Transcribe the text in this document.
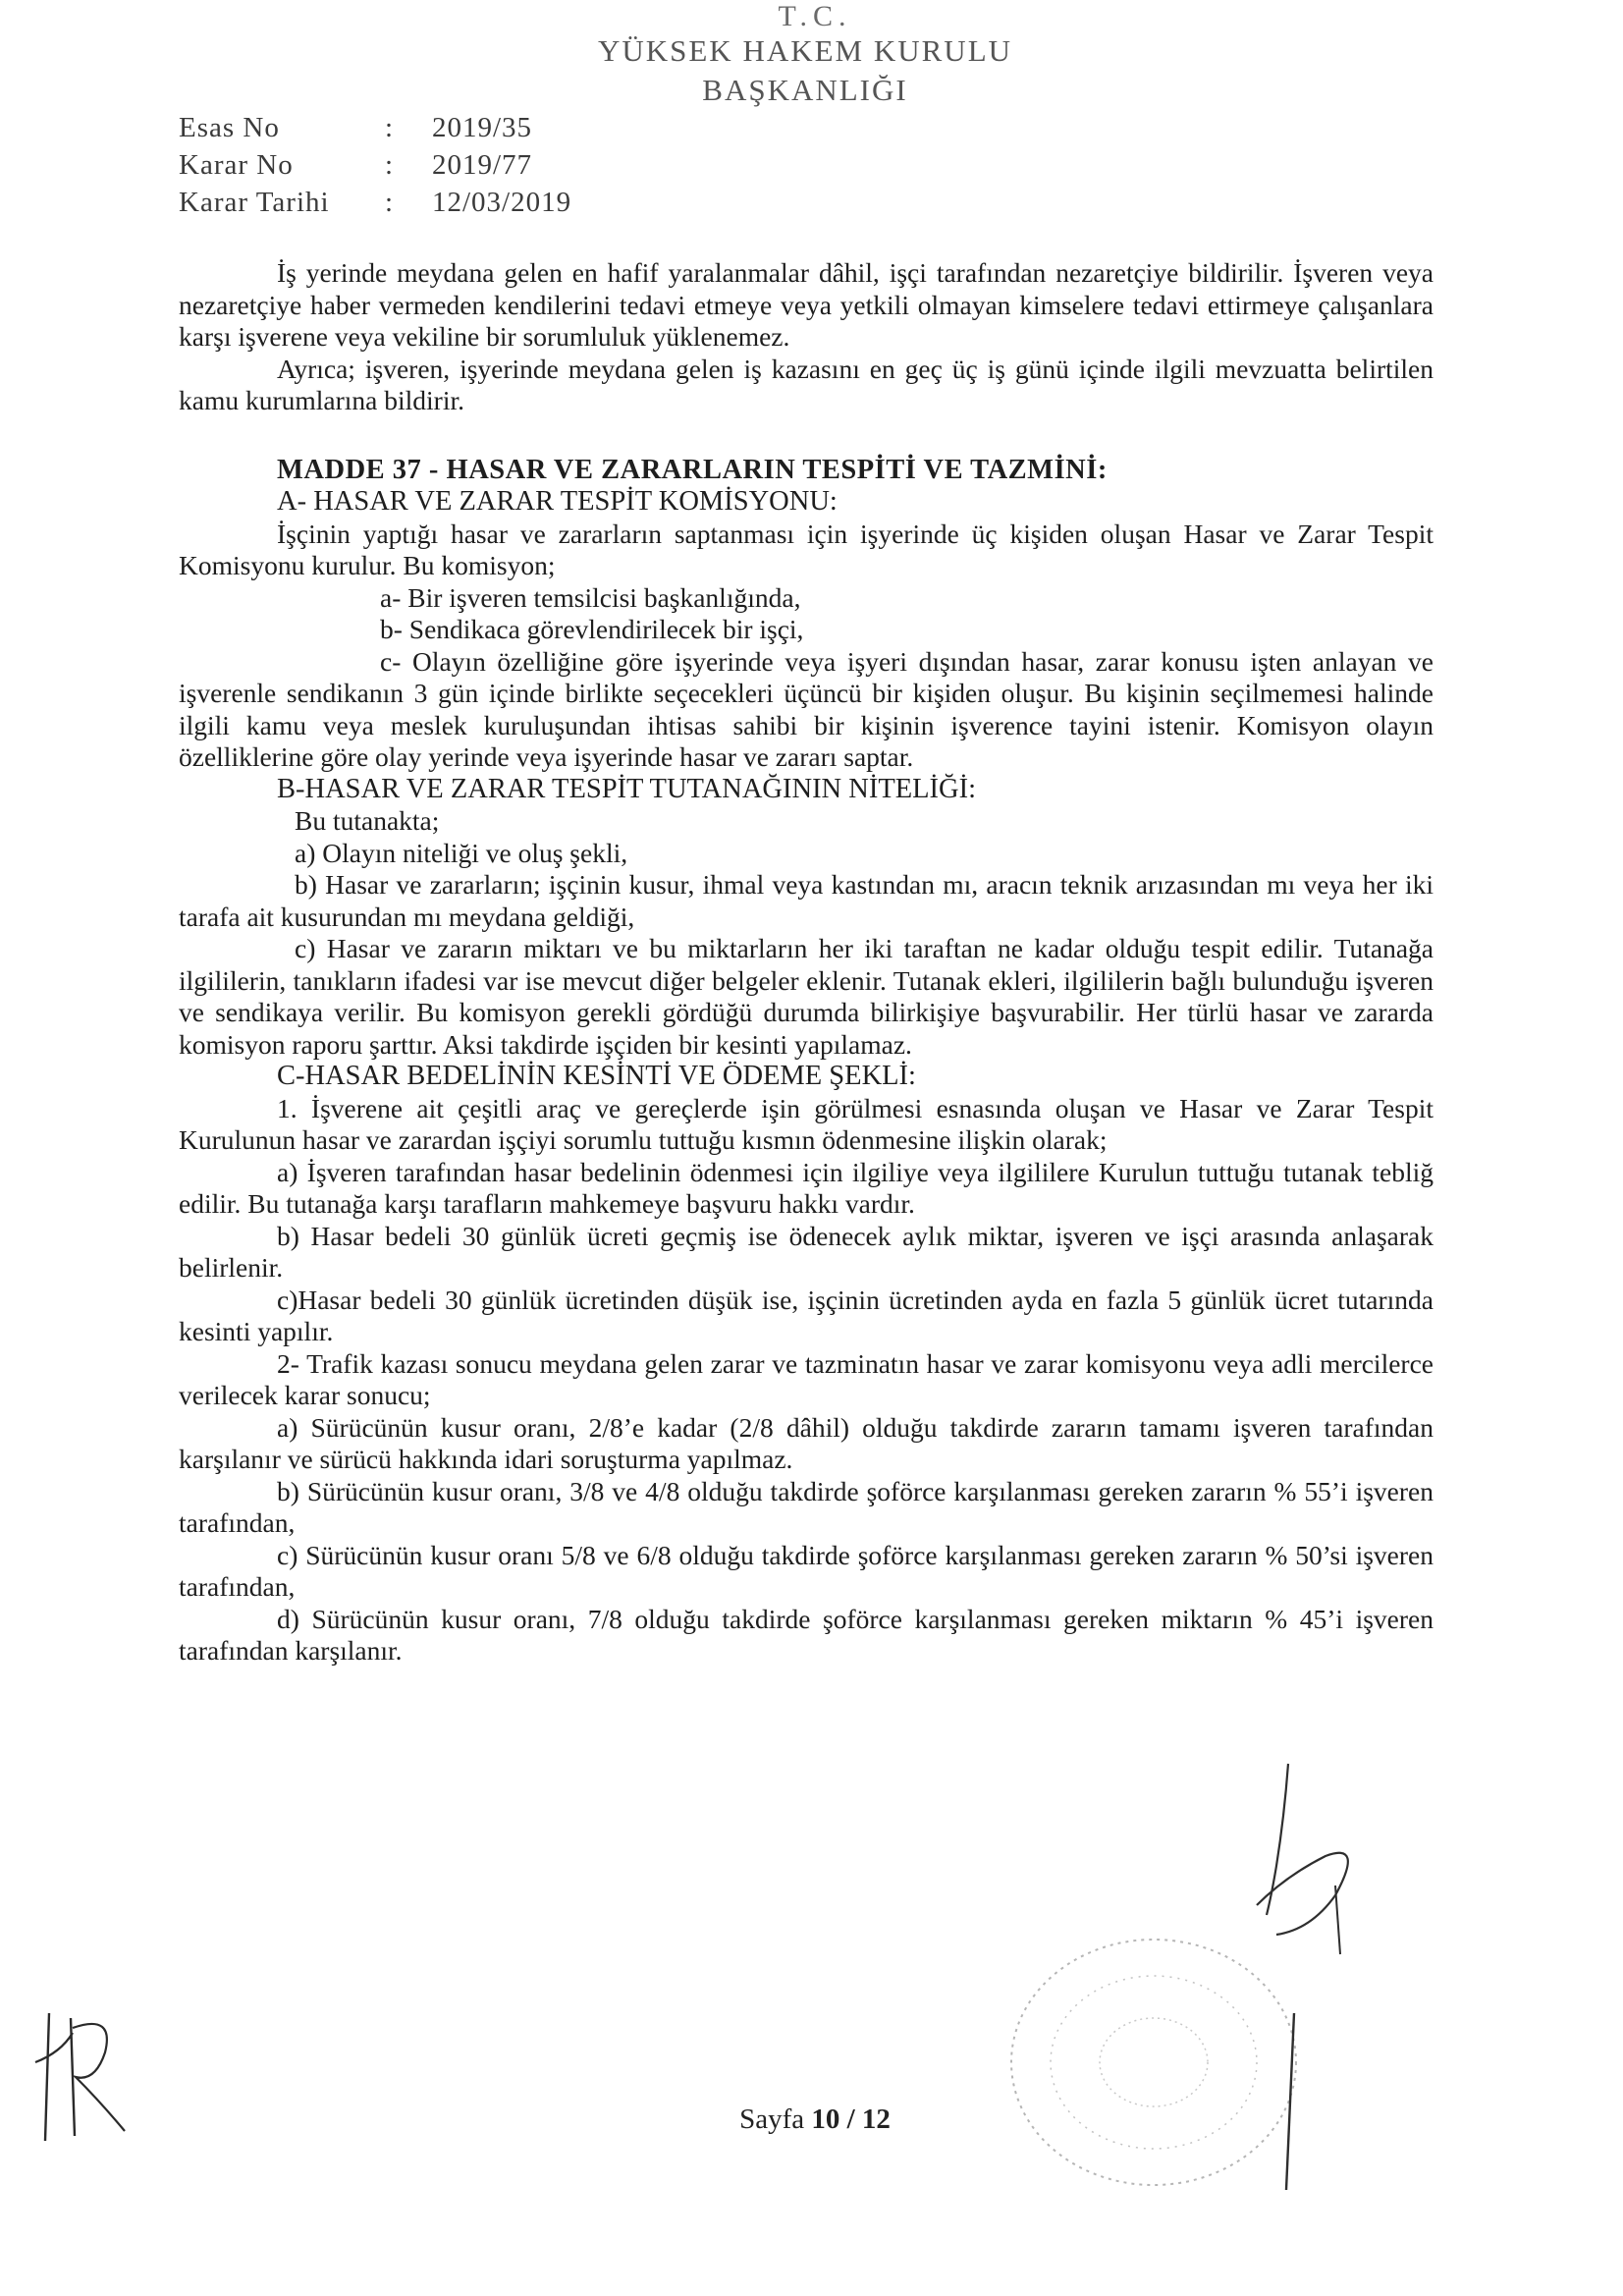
T.C.
YÜKSEK HAKEM KURULU
BAŞKANLIĞI
Esas No	: 2019/35
Karar No	: 2019/77
Karar Tarihi : 12/03/2019

İş yerinde meydana gelen en hafif yaralanmalar dâhil, işçi tarafından nezaretçiye bildirilir. İşveren veya nezaretçiye haber vermeden kendilerini tedavi etmeye veya yetkili olmayan kimselere tedavi ettirmeye çalışanlara karşı işverene veya vekiline bir sorumluluk yüklenemez.

Ayrıca; işveren, işyerinde meydana gelen iş kazasını en geç üç iş günü içinde ilgili mevzuatta belirtilen kamu kurumlarına bildirir.

MADDE 37 - HASAR VE ZARARLARIN TESPİTİ VE TAZMİNİ:

A- HASAR VE ZARAR TESPİT KOMİSYONU:

İşçinin yaptığı hasar ve zararların saptanması için işyerinde üç kişiden oluşan Hasar ve Zarar Tespit Komisyonu kurulur. Bu komisyon;

a- Bir işveren temsilcisi başkanlığında,

b- Sendikaca görevlendirilecek bir işçi,

c- Olayın özelliğine göre işyerinde veya işyeri dışından hasar, zarar konusu işten anlayan ve işverenle sendikanın 3 gün içinde birlikte seçecekleri üçüncü bir kişiden oluşur. Bu kişinin seçilmemesi halinde ilgili kamu veya meslek kuruluşundan ihtisas sahibi bir kişinin işverence tayini istenir. Komisyon olayın özelliklerine göre olay yerinde veya işyerinde hasar ve zararı saptar.

B-HASAR VE ZARAR TESPİT TUTANAĞININ NİTELİĞİ:

Bu tutanakta;

a) Olayın niteliği ve oluş şekli,

b) Hasar ve zararların; işçinin kusur, ihmal veya kastından mı, aracın teknik arızasından mı veya her iki tarafa ait kusurundan mı meydana geldiği,

c) Hasar ve zararın miktarı ve bu miktarların her iki taraftan ne kadar olduğu tespit edilir. Tutanağa ilgililerin, tanıkların ifadesi var ise mevcut diğer belgeler eklenir. Tutanak ekleri, ilgililerin bağlı bulunduğu işveren ve sendikaya verilir. Bu komisyon gerekli gördüğü durumda bilirkişiye başvurabilir. Her türlü hasar ve zararda komisyon raporu şarttır. Aksi takdirde işçiden bir kesinti yapılamaz.

C-HASAR BEDELİNİN KESİNTİ VE ÖDEME ŞEKLİ:

1. İşverene ait çeşitli araç ve gereçlerde işin görülmesi esnasında oluşan ve Hasar ve Zarar Tespit Kurulunun hasar ve zarardan işçiyi sorumlu tuttuğu kısmın ödenmesine ilişkin olarak;

a) İşveren tarafından hasar bedelinin ödenmesi için ilgiliye veya ilgililere Kurulun tuttuğu tutanak tebliğ edilir. Bu tutanağa karşı tarafların mahkemeye başvuru hakkı vardır.

b) Hasar bedeli 30 günlük ücreti geçmiş ise ödenecek aylık miktar, işveren ve işçi arasında anlaşarak belirlenir.

c)Hasar bedeli 30 günlük ücretinden düşük ise, işçinin ücretinden ayda en fazla 5 günlük ücret tutarında kesinti yapılır.

2- Trafik kazası sonucu meydana gelen zarar ve tazminatın hasar ve zarar komisyonu veya adli mercilerce verilecek karar sonucu;

a) Sürücünün kusur oranı, 2/8’e kadar (2/8 dâhil) olduğu takdirde zararın tamamı işveren tarafından karşılanır ve sürücü hakkında idari soruşturma yapılmaz.

b) Sürücünün kusur oranı, 3/8 ve 4/8 olduğu takdirde şoförce karşılanması gereken zararın % 55’i işveren tarafından,

c) Sürücünün kusur oranı 5/8 ve 6/8 olduğu takdirde şoförce karşılanması gereken zararın % 50’si işveren tarafından,

d) Sürücünün kusur oranı, 7/8 olduğu takdirde şoförce karşılanması gereken miktarın % 45’i işveren tarafından karşılanır.

Sayfa 10 / 12
